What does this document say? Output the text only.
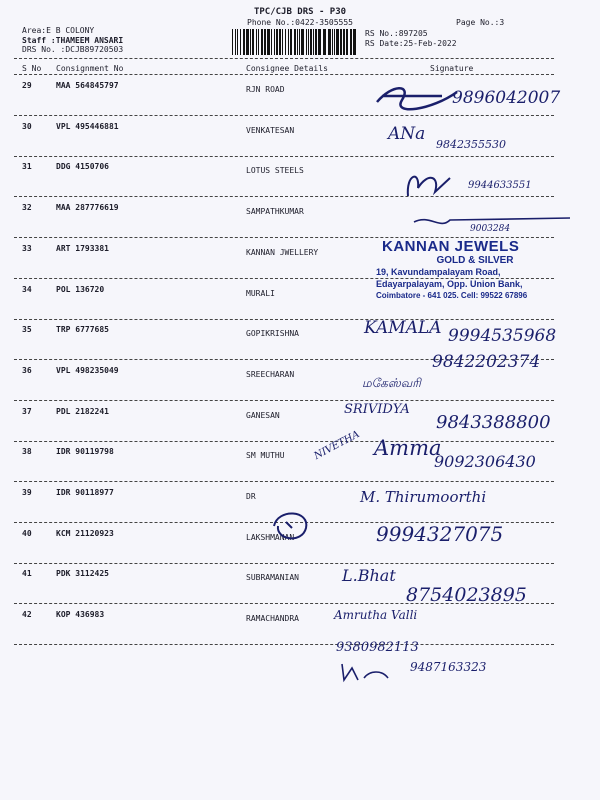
TPC/CJB DRS - P30
Phone No.:0422-3505555	Page No.:3
Area:E B COLONY
Staff :THAMEEM ANSARI
DRS No. :DCJB89720503
RS No.:897205
RS Date:25-Feb-2022
S No Consignment No	Consignee Details	Signature
29	MAA 564845797	RJN ROAD
30	VPL 495446881	VENKATESAN
31	DDG 4150706	LOTUS STEELS
32	MAA 287776619	SAMPATHKUMAR
33	ART 1793381	KANNAN JWELLERY
34	POL 136720	MURALI
35	TRP 6777685	GOPIKRISHNA
36	VPL 498235049	SREECHARAN
37	PDL 2182241	GANESAN
38	IDR 90119798	SM MUTHU
39	IDR 90118977	DR
40	KCM 21120923	LAKSHMANAN
41	PDK 3112425	SUBRAMANIAN
42	KOP 436983	RAMACHANDRA
9896042007
ANa
9842355530
9944633551
9003284
KANNAN JEWELS
GOLD & SILVER
19, Kavundampalayam Road,
Edayarpalayam, Opp. Union Bank,
Coimbatore - 641 025. Cell: 99522 67896
KAMALA 9994535968
9842202374
மகேஸ்வரி
SRIVIDYA
9843388800
NIVETHA Amma
9092306430
M. Thirumoorthi
9994327075
L.Bhat
8754023895
Amrutha Valli
9380982113
9487163323
